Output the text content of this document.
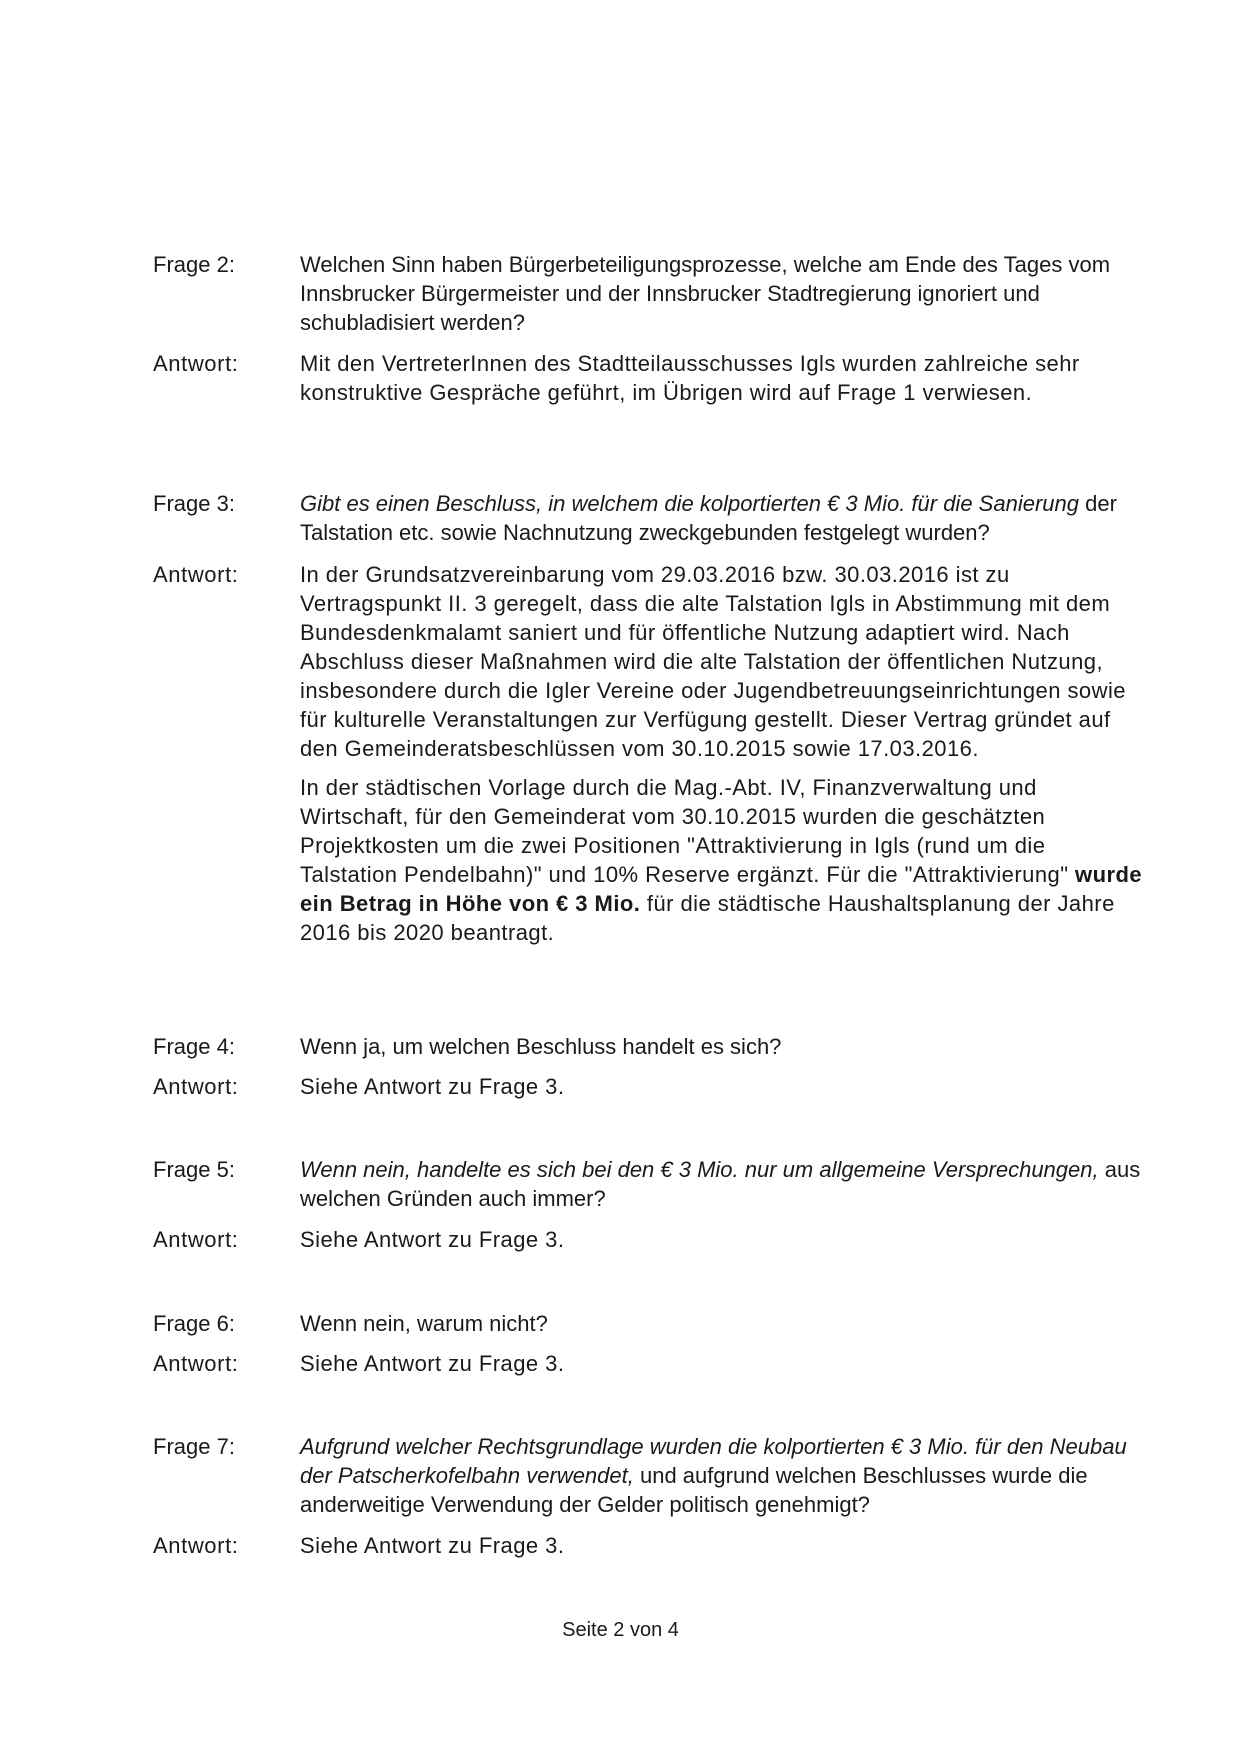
Frage 2:	Welchen Sinn haben Bürgerbeteiligungsprozesse, welche am Ende des Tages vom Innsbrucker Bürgermeister und der Innsbrucker Stadtregierung ignoriert und schubladisiert werden?
Antwort:	Mit den VertreterInnen des Stadtteilausschusses Igls wurden zahlreiche sehr konstruktive Gespräche geführt, im Übrigen wird auf Frage 1 verwiesen.
Frage 3:	Gibt es einen Beschluss, in welchem die kolportierten € 3 Mio. für die Sanierung der Talstation etc. sowie Nachnutzung zweckgebunden festgelegt wurden?
Antwort:	In der Grundsatzvereinbarung vom 29.03.2016 bzw. 30.03.2016 ist zu Vertragspunkt II. 3 geregelt, dass die alte Talstation Igls in Abstimmung mit dem Bundesdenkmalamt saniert und für öffentliche Nutzung adaptiert wird. Nach Abschluss dieser Maßnahmen wird die alte Talstation der öffentlichen Nutzung, insbesondere durch die Igler Vereine oder Jugendbetreuungseinrichtungen sowie für kulturelle Veranstaltungen zur Verfügung gestellt. Dieser Vertrag gründet auf den Gemeinderatsbeschlüssen vom 30.10.2015 sowie 17.03.2016.

In der städtischen Vorlage durch die Mag.-Abt. IV, Finanzverwaltung und Wirtschaft, für den Gemeinderat vom 30.10.2015 wurden die geschätzten Projektkosten um die zwei Positionen "Attraktivierung in Igls (rund um die Talstation Pendelbahn)" und 10% Reserve ergänzt. Für die "Attraktivierung" wurde ein Betrag in Höhe von € 3 Mio. für die städtische Haushaltsplanung der Jahre 2016 bis 2020 beantragt.

Frage 4:	Wenn ja, um welchen Beschluss handelt es sich?
Antwort:	Siehe Antwort zu Frage 3.
Frage 5:	Wenn nein, handelte es sich bei den € 3 Mio. nur um allgemeine Versprechungen, aus welchen Gründen auch immer?
Antwort:	Siehe Antwort zu Frage 3.
Frage 6:	Wenn nein, warum nicht?
Antwort:	Siehe Antwort zu Frage 3.
Frage 7:	Aufgrund welcher Rechtsgrundlage wurden die kolportierten € 3 Mio. für den Neubau der Patscherkofelbahn verwendet, und aufgrund welchen Beschlusses wurde die anderweitige Verwendung der Gelder politisch genehmigt?
Antwort:	Siehe Antwort zu Frage 3.
Seite 2 von 4
